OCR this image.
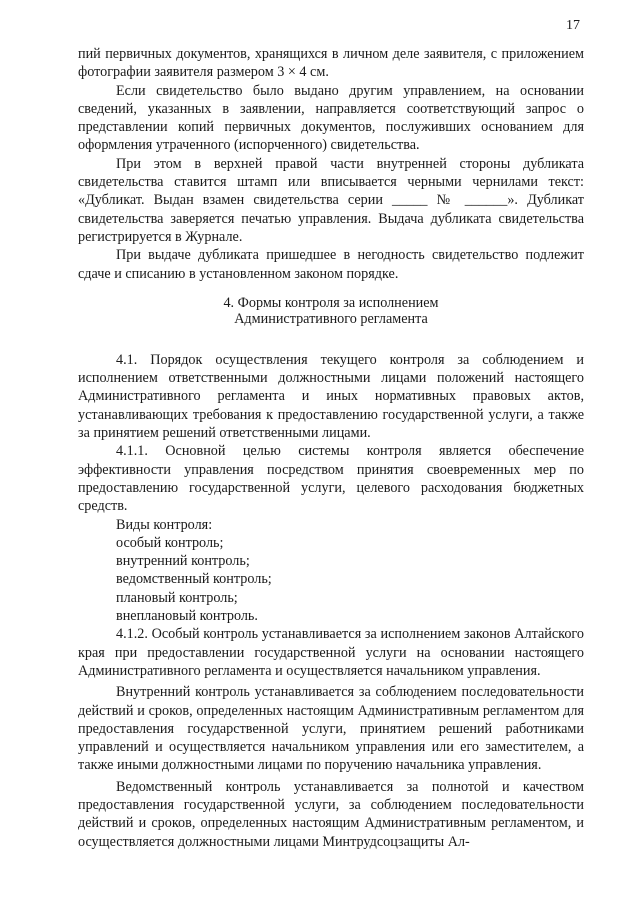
17

пий первичных документов, хранящихся в личном деле заявителя, с приложением фотографии заявителя размером 3 × 4 см.

Если свидетельство было выдано другим управлением, на основании сведений, указанных в заявлении, направляется соответствующий запрос о представлении копий первичных документов, послуживших основанием для оформления утраченного (испорченного) свидетельства.

При этом в верхней правой части внутренней стороны дубликата свидетельства ставится штамп или вписывается черными чернилами текст: «Дубликат. Выдан взамен свидетельства серии _____ № ______». Дубликат свидетельства заверяется печатью управления. Выдача дубликата свидетельства регистрируется в Журнале.

При выдаче дубликата пришедшее в негодность свидетельство подлежит сдаче и списанию в установленном законом порядке.

4. Формы контроля за исполнением
Административного регламента

4.1. Порядок осуществления текущего контроля за соблюдением и исполнением ответственными должностными лицами положений настоящего Административного регламента и иных нормативных правовых актов, устанавливающих требования к предоставлению государственной услуги, а также за принятием решений ответственными лицами.

4.1.1. Основной целью системы контроля является обеспечение эффективности управления посредством принятия своевременных мер по предоставлению государственной услуги, целевого расходования бюджетных средств.

Виды контроля:

особый контроль;
внутренний контроль;
ведомственный контроль;
плановый контроль;
внеплановый контроль.

4.1.2. Особый контроль устанавливается за исполнением законов Алтайского края при предоставлении государственной услуги на основании настоящего Административного регламента и осуществляется начальником управления.

Внутренний контроль устанавливается за соблюдением последовательности действий и сроков, определенных настоящим Административным регламентом для предоставления государственной услуги, принятием решений работниками управлений и осуществляется начальником управления или его заместителем, а также иными должностными лицами по поручению начальника управления.

Ведомственный контроль устанавливается за полнотой и качеством предоставления государственной услуги, за соблюдением последовательности действий и сроков, определенных настоящим Административным регламентом, и осуществляется должностными лицами Минтрудсоцзащиты Ал-
